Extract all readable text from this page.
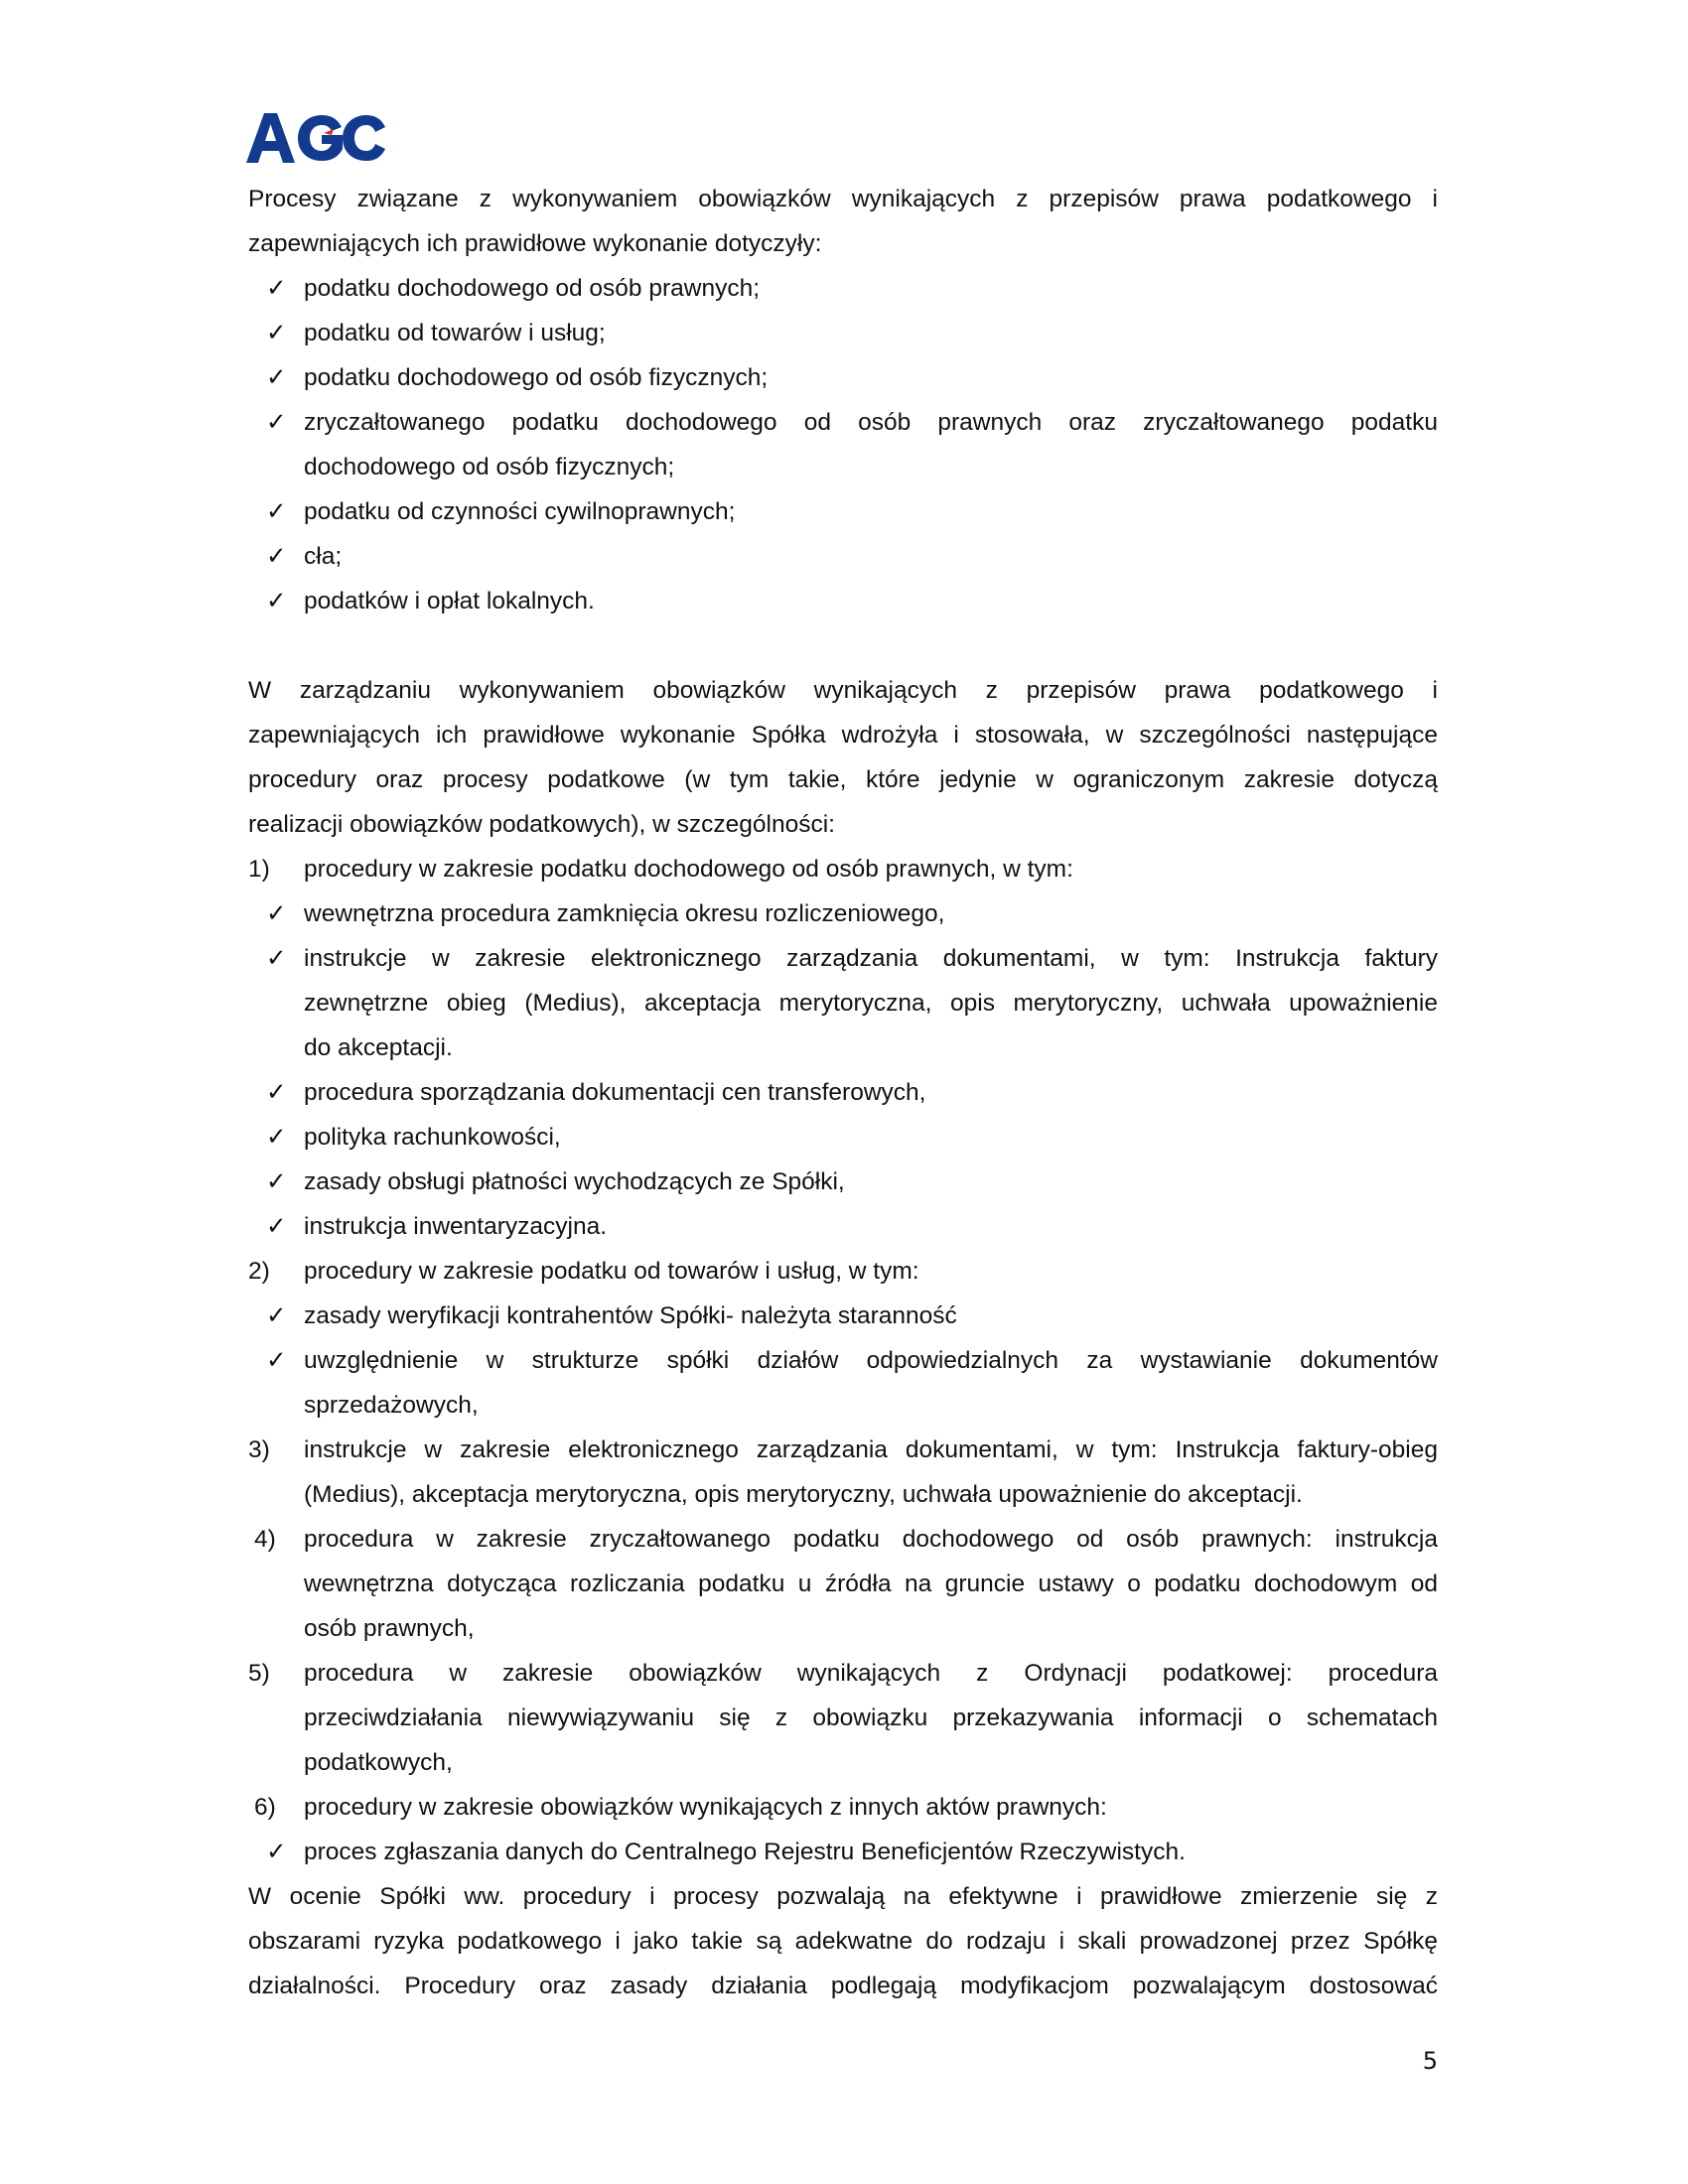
Procesy związane z wykonywaniem obowiązków wynikających z przepisów prawa podatkowego i
zapewniających ich prawidłowe wykonanie dotyczyły:
✓ podatku dochodowego od osób prawnych;
✓ podatku od towarów i usług;
✓ podatku dochodowego od osób fizycznych;
✓ zryczałtowanego podatku dochodowego od osób prawnych oraz zryczałtowanego podatku
dochodowego od osób fizycznych;
✓ podatku od czynności cywilnoprawnych;
✓ cła;
✓ podatków i opłat lokalnych.
W zarządzaniu wykonywaniem obowiązków wynikających z przepisów prawa podatkowego i
zapewniających ich prawidłowe wykonanie Spółka wdrożyła i stosowała, w szczególności następujące
procedury oraz procesy podatkowe (w tym takie, które jedynie w ograniczonym zakresie dotyczą
realizacji obowiązków podatkowych), w szczególności:
1) procedury w zakresie podatku dochodowego od osób prawnych, w tym:
✓ wewnętrzna procedura zamknięcia okresu rozliczeniowego,
✓ instrukcje w zakresie elektronicznego zarządzania dokumentami, w tym: Instrukcja faktury
zewnętrzne obieg (Medius), akceptacja merytoryczna, opis merytoryczny, uchwała upoważnienie
do akceptacji.
✓ procedura sporządzania dokumentacji cen transferowych,
✓ polityka rachunkowości,
✓ zasady obsługi płatności wychodzących ze Spółki,
✓ instrukcja inwentaryzacyjna.
2) procedury w zakresie podatku od towarów i usług, w tym:
✓ zasady weryfikacji kontrahentów Spółki- należyta staranność
✓ uwzględnienie w strukturze spółki działów odpowiedzialnych za wystawianie dokumentów
sprzedażowych,
3) instrukcje w zakresie elektronicznego zarządzania dokumentami, w tym: Instrukcja faktury-obieg
(Medius), akceptacja merytoryczna, opis merytoryczny, uchwała upoważnienie do akceptacji.
4) procedura w zakresie zryczałtowanego podatku dochodowego od osób prawnych: instrukcja
wewnętrzna dotycząca rozliczania podatku u źródła na gruncie ustawy o podatku dochodowym od
osób prawnych,
5) procedura w zakresie obowiązków wynikających z Ordynacji podatkowej: procedura
przeciwdziałania niewywiązywaniu się z obowiązku przekazywania informacji o schematach
podatkowych,
6) procedury w zakresie obowiązków wynikających z innych aktów prawnych:
✓ proces zgłaszania danych do Centralnego Rejestru Beneficjentów Rzeczywistych.
W ocenie Spółki ww. procedury i procesy pozwalają na efektywne i prawidłowe zmierzenie się z
obszarami ryzyka podatkowego i jako takie są adekwatne do rodzaju i skali prowadzonej przez Spółkę
działalności. Procedury oraz zasady działania podlegają modyfikacjom pozwalającym dostosować
5
